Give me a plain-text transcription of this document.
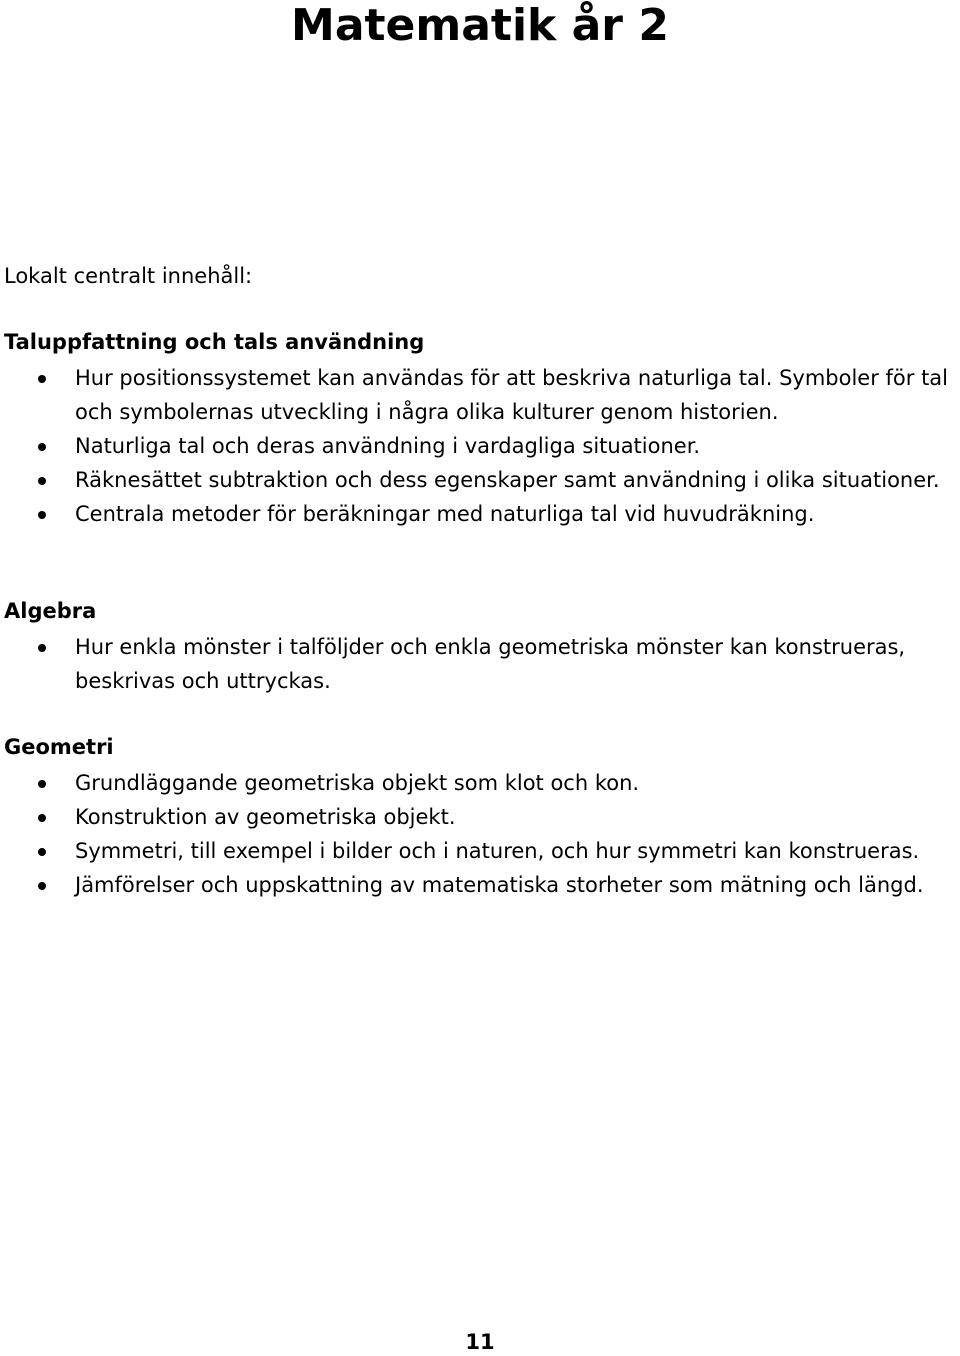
Matematik år 2

Lokalt centralt innehåll:

Taluppfattning och tals användning

Hur positionssystemet kan användas för att beskriva naturliga tal. Symboler för tal och symbolernas utveckling i några olika kulturer genom historien.
Naturliga tal och deras användning i vardagliga situationer.
Räknesättet subtraktion och dess egenskaper samt användning i olika situationer.
Centrala metoder för beräkningar med naturliga tal vid huvudräkning.

Algebra

Hur enkla mönster i talföljder och enkla geometriska mönster kan konstrueras, beskrivas och uttryckas.

Geometri

Grundläggande geometriska objekt som klot och kon.
Konstruktion av geometriska objekt.
Symmetri, till exempel i bilder och i naturen, och hur symmetri kan konstrueras.
Jämförelser och uppskattning av matematiska storheter som mätning och längd.

11
